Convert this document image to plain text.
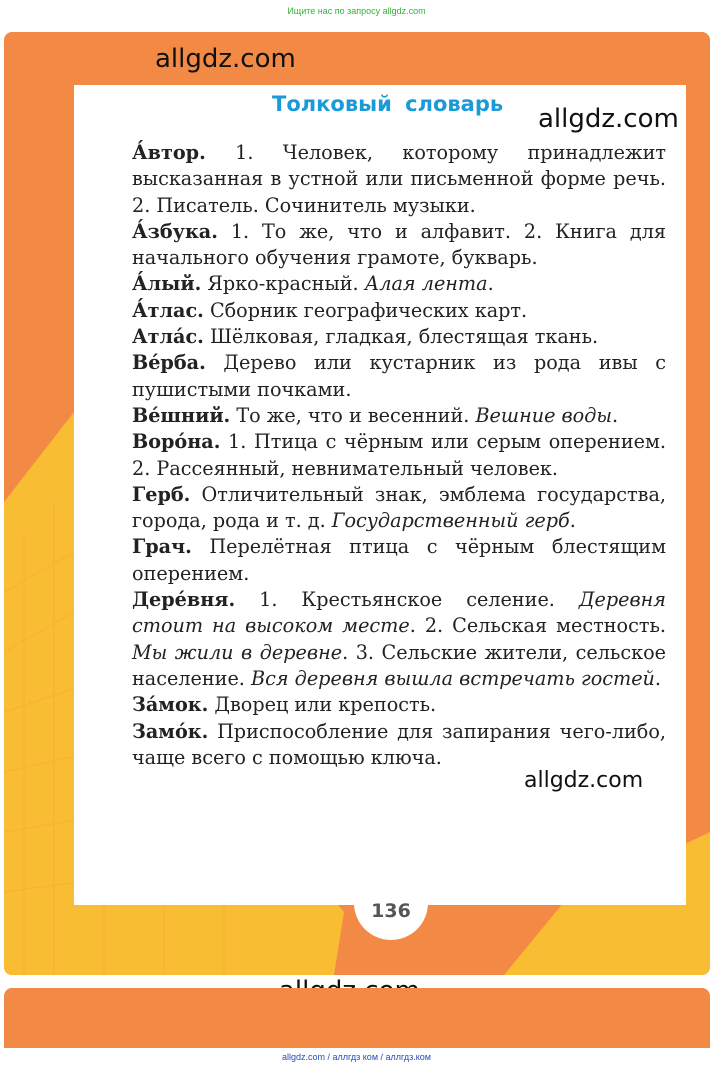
Ищите нас по запросу allgdz.com
allgdz.com
allgdz.com
allgdz.com
Толковый словарь

А́втор. 1. Человек, которому принадлежит высказанная в устной или письменной форме речь. 2. Писатель. Сочинитель музыки.

А́збука. 1. То же, что и алфавит. 2. Книга для начального обучения грамоте, букварь.

А́лый. Ярко-красный. Алая лента.

А́тлас. Сборник географических карт.

Атла́с. Шёлковая, гладкая, блестящая ткань.

Ве́рба. Дерево или кустарник из рода ивы с пушистыми почками.

Ве́шний. То же, что и весенний. Вешние воды.

Воро́на. 1. Птица с чёрным или серым оперением. 2. Рассеянный, невнимательный человек.

Герб. Отличительный знак, эмблема государства, города, рода и т. д. Государственный герб.

Грач. Перелётная птица с чёрным блестящим оперением.

Дере́вня. 1. Крестьянское селение. Деревня стоит на высоком месте. 2. Сельская местность. Мы жили в деревне. 3. Сельские жители, сельское население. Вся деревня вышла встречать гостей.

За́мок. Дворец или крепость.

Замо́к. Приспособление для запирания чего-либо, чаще всего с помощью ключа.

136
allgdz.com / аллгдз ком / аллгдз.ком
